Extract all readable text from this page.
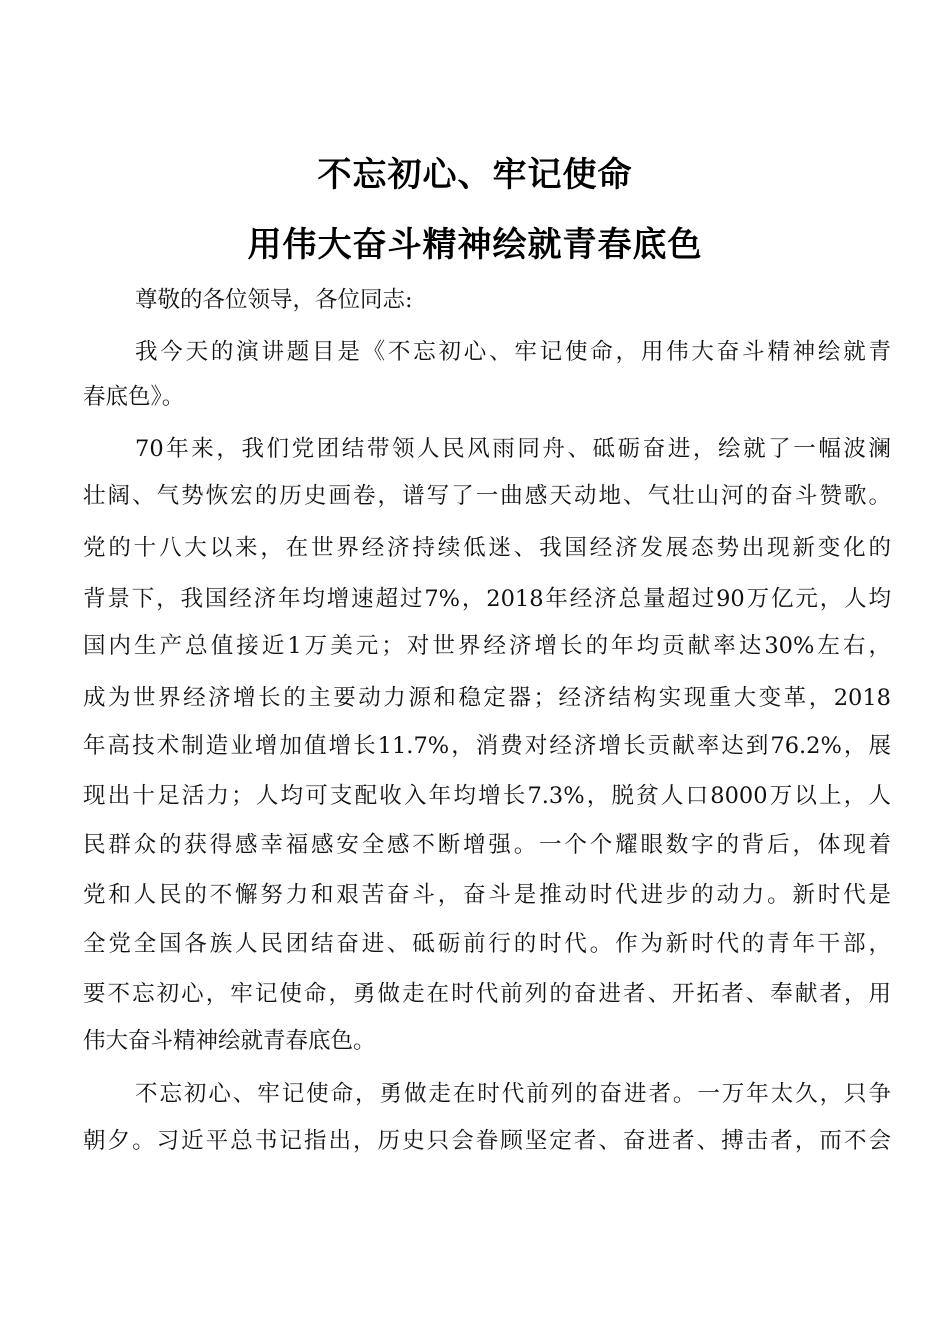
不忘初心、牢记使命
用伟大奋斗精神绘就青春底色
尊敬的各位领导，各位同志:
我今天的演讲题目是《不忘初心、牢记使命，用伟大奋斗精神绘就青
春底色》。
70年来，我们党团结带领人民风雨同舟、砥砺奋进，绘就了一幅波澜
壮阔、气势恢宏的历史画卷，谱写了一曲感天动地、气壮山河的奋斗赞歌。
党的十八大以来，在世界经济持续低迷、我国经济发展态势出现新变化的
背景下，我国经济年均增速超过7%，2018年经济总量超过90万亿元，人均
国内生产总值接近1万美元；对世界经济增长的年均贡献率达30%左右，
成为世界经济增长的主要动力源和稳定器；经济结构实现重大变革，2018
年高技术制造业增加值增长11.7%，消费对经济增长贡献率达到76.2%，展
现出十足活力；人均可支配收入年均增长7.3%，脱贫人口8000万以上，人
民群众的获得感幸福感安全感不断增强。一个个耀眼数字的背后，体现着
党和人民的不懈努力和艰苦奋斗，奋斗是推动时代进步的动力。新时代是
全党全国各族人民团结奋进、砥砺前行的时代。作为新时代的青年干部，
要不忘初心，牢记使命，勇做走在时代前列的奋进者、开拓者、奉献者，用
伟大奋斗精神绘就青春底色。
不忘初心、牢记使命，勇做走在时代前列的奋进者。一万年太久，只争
朝夕。习近平总书记指出，历史只会眷顾坚定者、奋进者、搏击者，而不会
